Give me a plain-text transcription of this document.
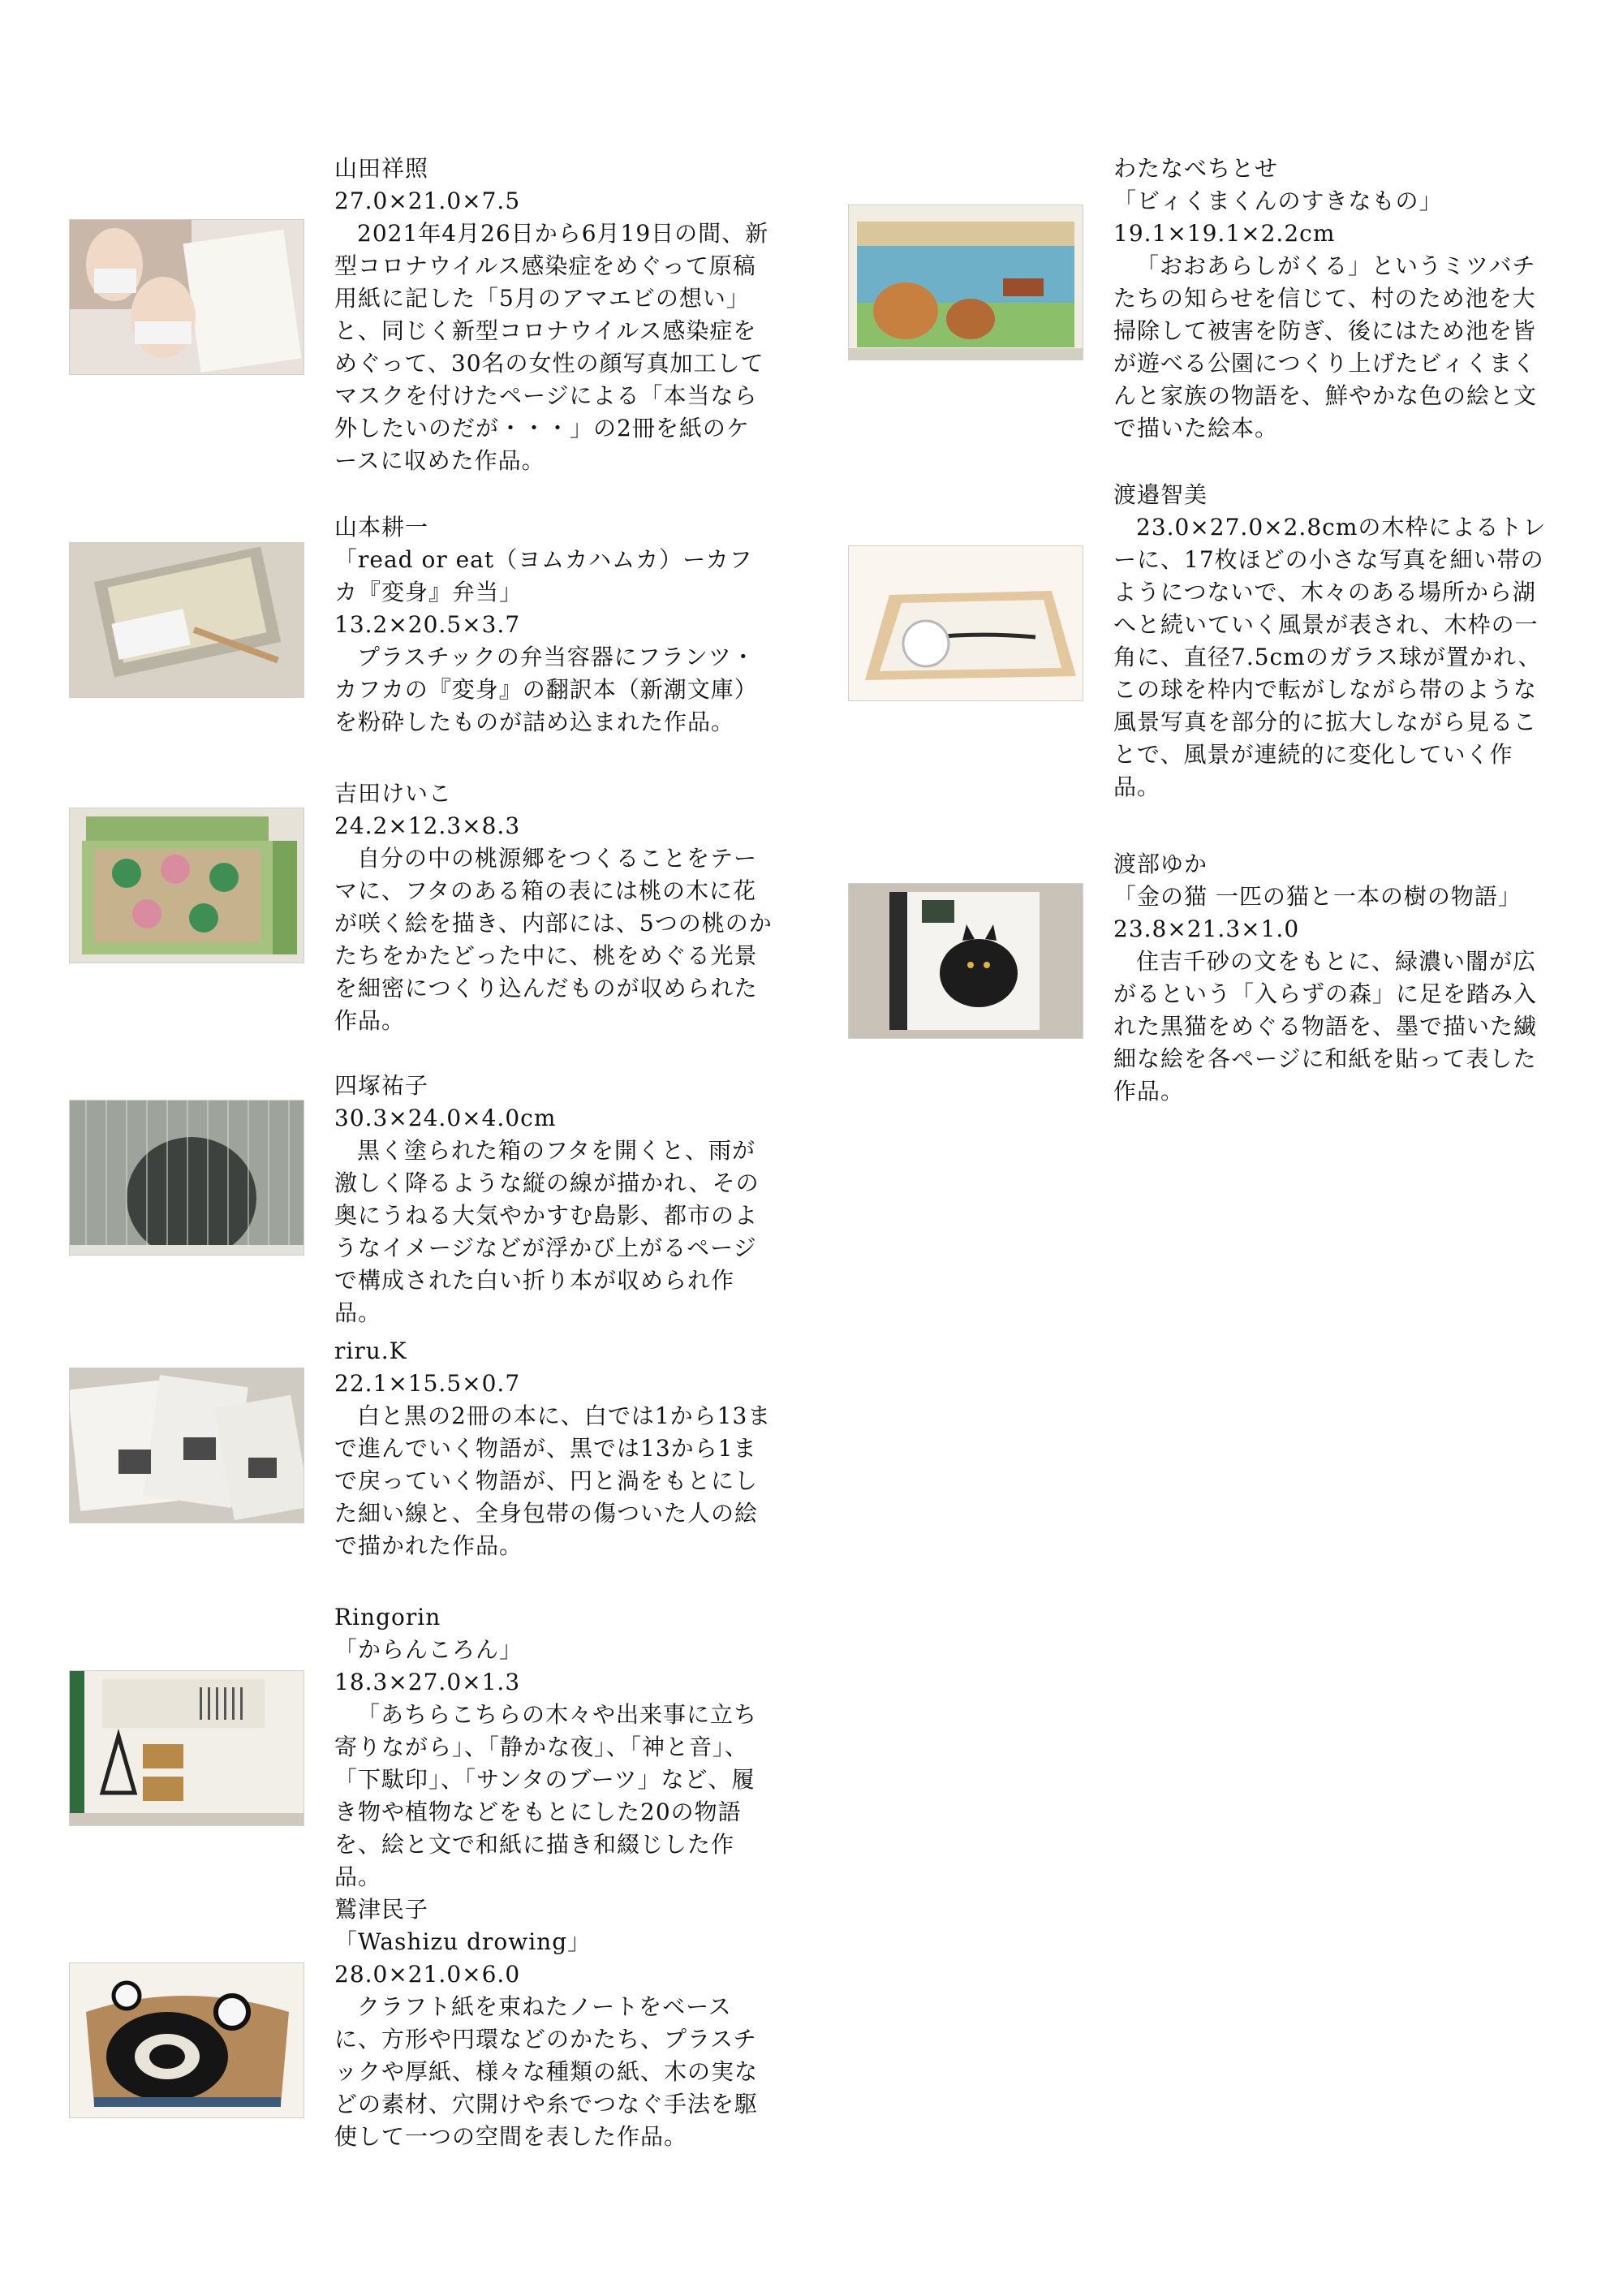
山田祥照
27.0×21.0×7.5
2021年4月26日から6月19日の間、新型コロナウイルス感染症をめぐって原稿用紙に記した「5月のアマエビの想い」と、同じく新型コロナウイルス感染症をめぐって、30名の女性の顔写真加工してマスクを付けたページによる「本当なら外したいのだが・・・」の2冊を紙のケースに収めた作品。
山本耕一
「read or eat（ヨムカハムカ）ーカフカ『変身』弁当」
13.2×20.5×3.7
プラスチックの弁当容器にフランツ・カフカの『変身』の翻訳本（新潮文庫）を粉砕したものが詰め込まれた作品。
吉田けいこ
24.2×12.3×8.3
自分の中の桃源郷をつくることをテーマに、フタのある箱の表には桃の木に花が咲く絵を描き、内部には、5つの桃のかたちをかたどった中に、桃をめぐる光景を細密につくり込んだものが収められた作品。
四塚祐子
30.3×24.0×4.0cm
黒く塗られた箱のフタを開くと、雨が激しく降るような縦の線が描かれ、その奥にうねる大気やかすむ島影、都市のようなイメージなどが浮かび上がるページで構成された白い折り本が収められ作品。
riru.K
22.1×15.5×0.7
白と黒の2冊の本に、白では1から13まで進んでいく物語が、黒では13から1まで戻っていく物語が、円と渦をもとにした細い線と、全身包帯の傷ついた人の絵で描かれた作品。
Ringorin
「からんころん」
18.3×27.0×1.3
「あちらこちらの木々や出来事に立ち寄りながら」、「静かな夜」、「神と音」、「下駄印」、「サンタのブーツ」など、履き物や植物などをもとにした20の物語を、絵と文で和紙に描き和綴じした作品。
鷲津民子
「Washizu drowing」
28.0×21.0×6.0
クラフト紙を束ねたノートをベースに、方形や円環などのかたち、プラスチックや厚紙、様々な種類の紙、木の実などの素材、穴開けや糸でつなぐ手法を駆使して一つの空間を表した作品。
わたなべちとせ
「ビィくまくんのすきなもの」
19.1×19.1×2.2cm
「おおあらしがくる」というミツバチたちの知らせを信じて、村のため池を大掃除して被害を防ぎ、後にはため池を皆が遊べる公園につくり上げたビィくまくんと家族の物語を、鮮やかな色の絵と文で描いた絵本。
渡邉智美
23.0×27.0×2.8cmの木枠によるトレーに、17枚ほどの小さな写真を細い帯のようにつないで、木々のある場所から湖へと続いていく風景が表され、木枠の一角に、直径7.5cmのガラス球が置かれ、この球を枠内で転がしながら帯のような風景写真を部分的に拡大しながら見ることで、風景が連続的に変化していく作品。
渡部ゆか
「金の猫 一匹の猫と一本の樹の物語」
23.8×21.3×1.0
住吉千砂の文をもとに、緑濃い闇が広がるという「入らずの森」に足を踏み入れた黒猫をめぐる物語を、墨で描いた繊細な絵を各ページに和紙を貼って表した作品。
